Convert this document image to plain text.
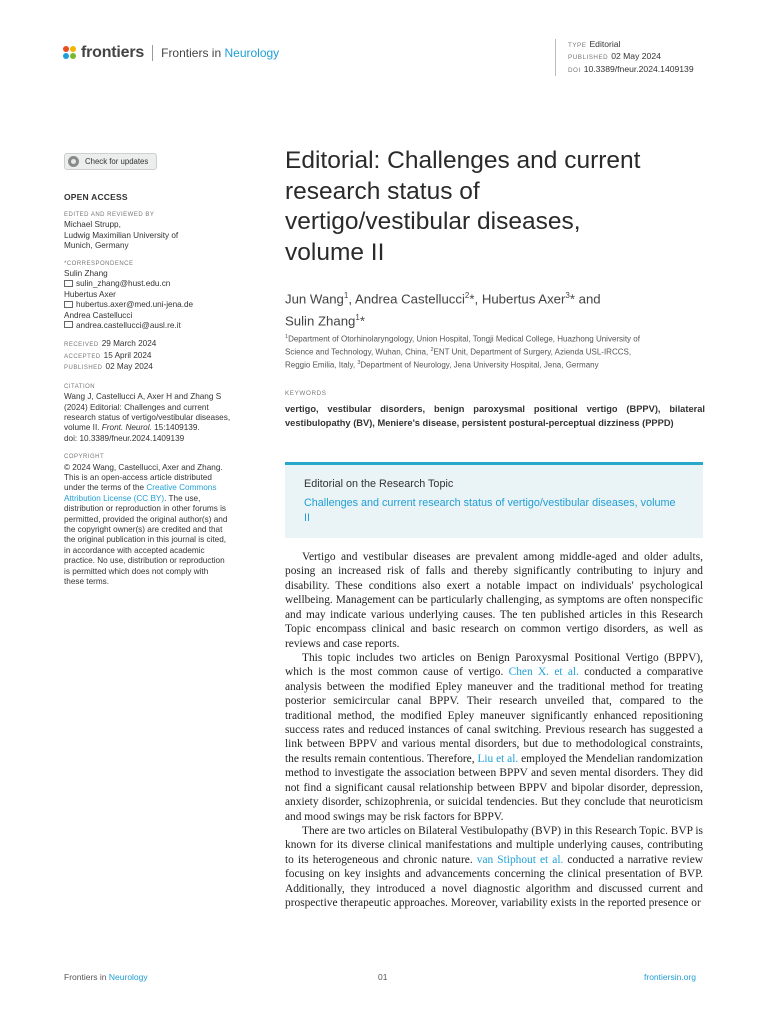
frontiers Frontiers in Neurology
TYPE Editorial
PUBLISHED 02 May 2024
DOI 10.3389/fneur.2024.1409139
Check for updates
OPEN ACCESS
EDITED AND REVIEWED BY
Michael Strupp,
Ludwig Maximilian University of
Munich, Germany
*CORRESPONDENCE
Sulin Zhang
sulin_zhang@hust.edu.cn
Hubertus Axer
hubertus.axer@med.uni-jena.de
Andrea Castellucci
andrea.castellucci@ausl.re.it
RECEIVED 29 March 2024
ACCEPTED 15 April 2024
PUBLISHED 02 May 2024
CITATION
Wang J, Castellucci A, Axer H and Zhang S
(2024) Editorial: Challenges and current
research status of vertigo/vestibular diseases,
volume II. Front. Neurol. 15:1409139.
doi: 10.3389/fneur.2024.1409139
COPYRIGHT
© 2024 Wang, Castellucci, Axer and Zhang.
This is an open-access article distributed
under the terms of the Creative Commons
Attribution License (CC BY). The use,
distribution or reproduction in other forums is
permitted, provided the original author(s) and
the copyright owner(s) are credited and that
the original publication in this journal is cited,
in accordance with accepted academic
practice. No use, distribution or reproduction
is permitted which does not comply with
these terms.
Editorial: Challenges and current
research status of
vertigo/vestibular diseases,
volume II
Jun Wang$^1$, Andrea Castellucci$^2$*, Hubertus Axer$^3$* and
Sulin Zhang$^1$*
$^1$Department of Otorhinolaryngology, Union Hospital, Tongji Medical College, Huazhong University of
Science and Technology, Wuhan, China, $^2$ENT Unit, Department of Surgery, Azienda USL-IRCCS,
Reggio Emilia, Italy, $^3$Department of Neurology, Jena University Hospital, Jena, Germany
KEYWORDS
vertigo, vestibular disorders, benign paroxysmal positional vertigo (BPPV), bilateral vestibulopathy (BV), Meniere's disease, persistent postural-perceptual dizziness (PPPD)
Editorial on the Research Topic
Challenges and current research status of vertigo/vestibular diseases, volume II

Vertigo and vestibular diseases are prevalent among middle-aged and older adults, posing an increased risk of falls and thereby significantly contributing to injury and disability. These conditions also exert a notable impact on individuals' psychological wellbeing. Management can be particularly challenging, as symptoms are often nonspecific and may indicate various underlying causes. The ten published articles in this Research Topic encompass clinical and basic research on common vertigo disorders, as well as reviews and case reports.

This topic includes two articles on Benign Paroxysmal Positional Vertigo (BPPV), which is the most common cause of vertigo. Chen X. et al. conducted a comparative analysis between the modified Epley maneuver and the traditional method for treating posterior semicircular canal BPPV. Their research unveiled that, compared to the traditional method, the modified Epley maneuver significantly enhanced repositioning success rates and reduced instances of canal switching. Previous research has suggested a link between BPPV and various mental disorders, but due to methodological constraints, the results remain contentious. Therefore, Liu et al. employed the Mendelian randomization method to investigate the association between BPPV and seven mental disorders. They did not find a significant causal relationship between BPPV and bipolar disorder, depression, anxiety disorder, schizophrenia, or suicidal tendencies. But they conclude that neuroticism and mood swings may be risk factors for BPPV.

There are two articles on Bilateral Vestibulopathy (BVP) in this Research Topic. BVP is known for its diverse clinical manifestations and multiple underlying causes, contributing to its heterogeneous and chronic nature. van Stiphout et al. conducted a narrative review focusing on key insights and advancements concerning the clinical presentation of BVP. Additionally, they introduced a novel diagnostic algorithm and discussed current and prospective therapeutic approaches. Moreover, variability exists in the reported presence or

Frontiers in Neurology	01	frontiersin.org
